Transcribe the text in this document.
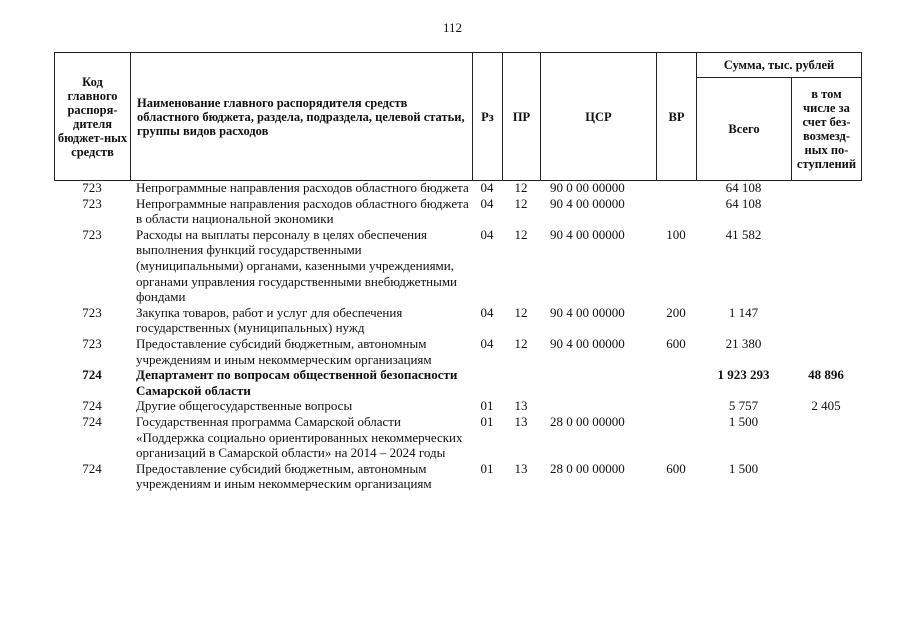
112
Код главного распоря-дителя бюджет-ных средств	Наименование главного распорядителя средств областного бюджета, раздела, подраздела, целевой статьи, группы видов расходов	Рз	ПР	ЦСР	ВР	Сумма, тыс. рублей	
						Всего	в том числе за счет без-возмезд-ных по-ступлений
723	Непрограммные направления расходов областного бюджета	04	12	90 0 00 00000		64 108	
723	Непрограммные направления расходов областного бюджета в области национальной экономики	04	12	90 4 00 00000		64 108	
723	Расходы на выплаты персоналу в целях обеспечения выполнения функций государственными (муниципальными) органами, казенными учреждениями, органами управления государственными внебюджетными фондами	04	12	90 4 00 00000	100	41 582	
723	Закупка товаров, работ и услуг для обеспечения государственных (муниципальных) нужд	04	12	90 4 00 00000	200	1 147	
723	Предоставление субсидий бюджетным, автономным учреждениям и иным некоммерческим организациям	04	12	90 4 00 00000	600	21 380	
724	Департамент по вопросам общественной безопасности Самарской области					1 923 293	48 896
724	Другие общегосударственные вопросы	01	13			5 757	2 405
724	Государственная программа Самарской области «Поддержка социально ориентированных некоммерческих организаций в Самарской области» на 2014 – 2024 годы	01	13	28 0 00 00000		1 500	
724	Предоставление субсидий бюджетным, автономным учреждениям и иным некоммерческим организациям	01	13	28 0 00 00000	600	1 500	
